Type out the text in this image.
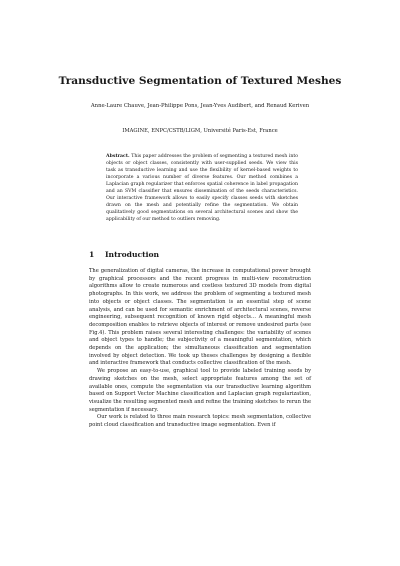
Transductive Segmentation of Textured Meshes
Anne-Laure Chauve, Jean-Philippe Pons, Jean-Yves Audibert, and Renaud Keriven
IMAGINE, ENPC/CSTB/LIGM, Université Paris-Est, France

Abstract. This paper addresses the problem of segmenting a textured mesh into objects or object classes, consistently with user-supplied seeds. We view this task as transductive learning and use the flexibility of kernel-based weights to incorporate a various number of diverse features. Our method combines a Laplacian graph regularizer that enforces spatial coherence in label propagation and an SVM classifier that ensures dissemination of the seeds characteristics. Our interactive framework allows to easily specify classes seeds with sketches drawn on the mesh and potentially refine the segmentation. We obtain qualitatively good segmentations on several architectural scenes and show the applicability of our method to outliers removing.

1 Introduction

The generalization of digital cameras, the increase in computational power brought by graphical processors and the recent progress in multi-view reconstruction algorithms allow to create numerous and costless textured 3D models from digital photographs. In this work, we address the problem of segmenting a textured mesh into objects or object classes. The segmentation is an essential step of scene analysis, and can be used for semantic enrichment of architectural scenes, reverse engineering, subsequent recognition of known rigid objects... A meaningful mesh decomposition enables to retrieve objects of interest or remove undesired parts (see Fig.4). This problem raises several interesting challenges: the variability of scenes and object types to handle; the subjectivity of a meaningful segmentation, which depends on the application; the simultaneous classification and segmentation involved by object detection. We took up theses challenges by designing a flexible and interactive framework that conducts collective classification of the mesh.

We propose an easy-to-use, graphical tool to provide labeled training seeds by drawing sketches on the mesh, select appropriate features among the set of available ones, compute the segmentation via our transductive learning algorithm based on Support Vector Machine classification and Laplacian graph regularization, visualize the resulting segmented mesh and refine the training sketches to rerun the segmentation if necessary.

Our work is related to three main research topics: mesh segmentation, collective point cloud classification and transductive image segmentation. Even if
